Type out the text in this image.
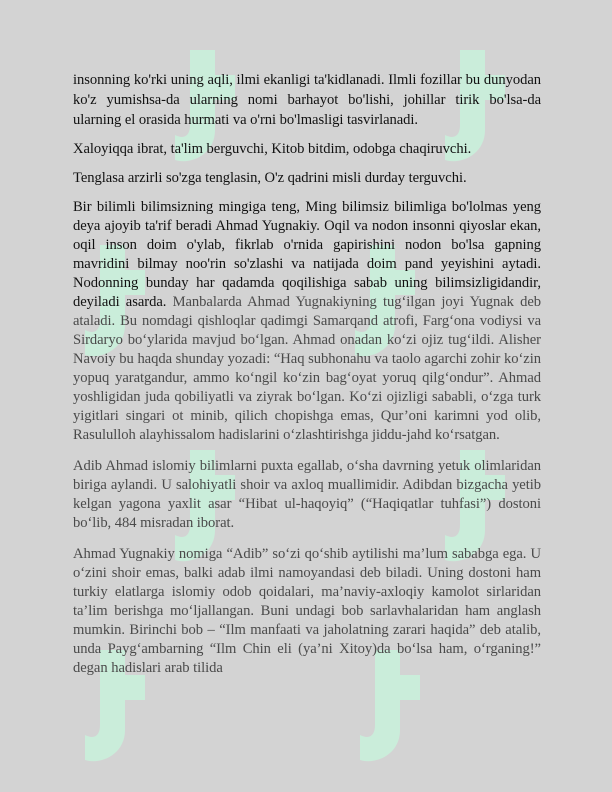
insonning ko'rki uning aqli, ilmi ekanligi ta'kidlanadi. Ilmli fozillar bu dunyodan ko'z yumishsa-da ularning nomi barhayot bo'lishi, johillar tirik bo'lsa-da ularning el orasida hurmati va o'rni bo'lmasligi tasvirlanadi.

Xaloyiqqa ibrat, ta'lim berguvchi, Kitob bitdim, odobga chaqiruvchi.

Tenglasa arzirli so'zga tenglasin, O'z qadrini misli durday terguvchi.

Bir bilimli bilimsizning mingiga teng, Ming bilimsiz bilimliga bo'lolmas yeng deya ajoyib ta'rif beradi Ahmad Yugnakiy. Oqil va nodon insonni qiyoslar ekan, oqil inson doim o'ylab, fikrlab o'rnida gapirishini nodon bo'lsa gapning mavridini bilmay noo'rin so'zlashi va natijada doim pand yeyishini aytadi. Nodonning bunday har qadamda qoqilishiga sabab uning bilimsizligidandir, deyiladi asarda. Manbalarda Ahmad Yugnakiyning tug‘ilgan joyi Yugnak deb ataladi. Bu nomdagi qishloqlar qadimgi Samarqand atrofi, Farg‘ona vodiysi va Sirdaryo bo‘ylarida mavjud bo‘lgan. Ahmad onadan ko‘zi ojiz tug‘ildi. Alisher Navoiy bu haqda shunday yozadi: “Haq subhonahu va taolo agarchi zohir ko‘zin yopuq yaratgandur, ammo ko‘ngil ko‘zin bag‘oyat yoruq qilg‘ondur”. Ahmad yoshligidan juda qobiliyatli va ziyrak bo‘lgan. Ko‘zi ojizligi sababli, o‘zga turk yigitlari singari ot minib, qilich chopishga emas, Qur’oni karimni yod olib, Rasululloh alayhissalom hadislarini o‘zlashtirishga jiddu-jahd ko‘rsatgan.

Adib Ahmad islomiy bilimlarni puxta egallab, o‘sha davrning yetuk olimlaridan biriga aylandi. U salohiyatli shoir va axloq muallimidir. Adibdan bizgacha yetib kelgan yagona yaxlit asar “Hibat ul-haqoyiq” (“Haqiqatlar tuhfasi”) dostoni bo‘lib, 484 misradan iborat.

Ahmad Yugnakiy nomiga “Adib” so‘zi qo‘shib aytilishi ma’lum sababga ega. U o‘zini shoir emas, balki adab ilmi namoyandasi deb biladi. Uning dostoni ham turkiy elatlarga islomiy odob qoidalari, ma’naviy-axloqiy kamolot sirlaridan ta’lim berishga mo‘ljallangan. Buni undagi bob sarlavhalaridan ham anglash mumkin. Birinchi bob – “Ilm manfaati va jaholatning zarari haqida” deb atalib, unda Payg‘ambarning “Ilm Chin eli (ya’ni Xitoy)da bo‘lsa ham, o‘rganing!” degan hadislari arab tilida
